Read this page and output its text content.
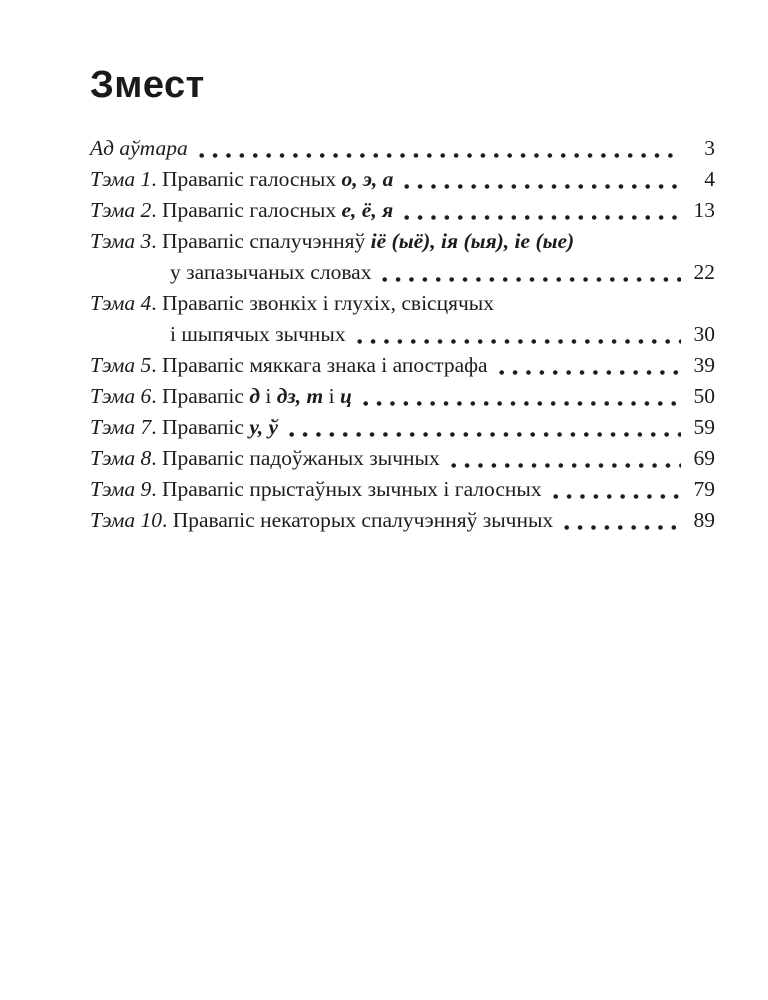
Змест
Ад аўтара	3
Тэма 1. Правапіс галосных о, э, а	4
Тэма 2. Правапіс галосных е, ё, я	13
Тэма 3. Правапіс спалучэнняў іё (ыё), ія (ыя), іе (ые)
у запазычаных словах	22
Тэма 4. Правапіс звонкіх і глухіх, свісцячых
і шыпячых зычных	30
Тэма 5. Правапіс мяккага знака і апострафа	39
Тэма 6. Правапіс д і дз, т і ц	50
Тэма 7. Правапіс у, ў	59
Тэма 8. Правапіс падоўжаных зычных	69
Тэма 9. Правапіс прыстаўных зычных і галосных	79
Тэма 10. Правапіс некаторых спалучэнняў зычных	89
